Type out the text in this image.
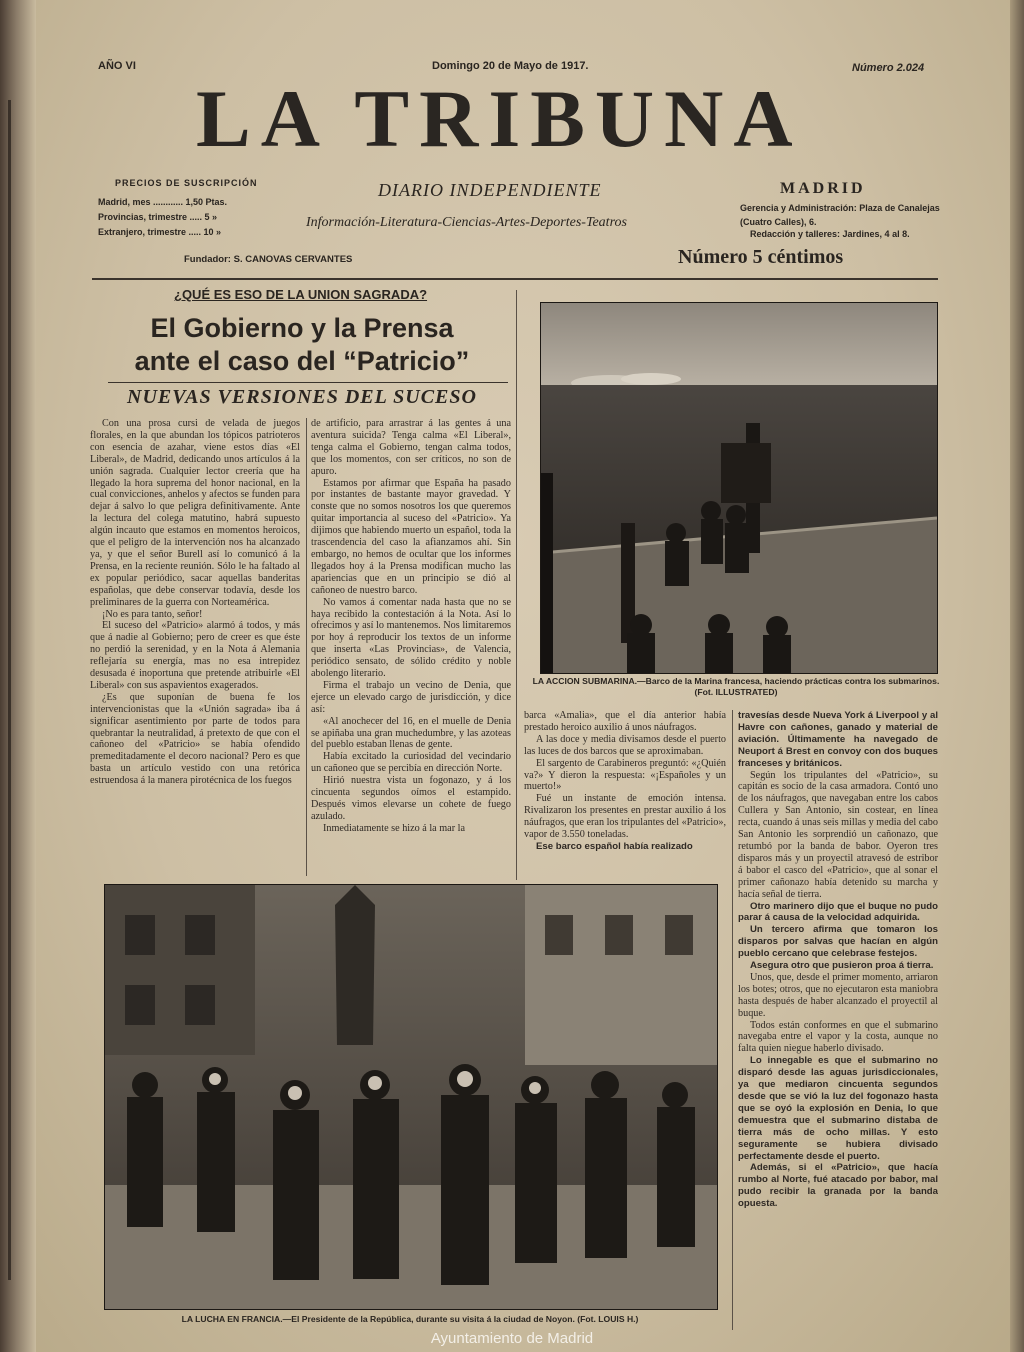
AÑO VI	Domingo 20 de Mayo de 1917.	Número 2.024
LA TRIBUNA
PRECIOS DE SUSCRIPCIÓN
Madrid, mes ............ 1,50 Ptas.
Provincias, trimestre ..... 5 »
Extranjero, trimestre ..... 10 »
DIARIO INDEPENDIENTE
Información-Literatura-Ciencias-Artes-Deportes-Teatros
MADRID
Gerencia y Administración: Plaza de Canalejas (Cuatro Calles), 6.
Redacción y talleres: Jardines, 4 al 8.
Fundador: S. CANOVAS CERVANTES	Número 5 céntimos
¿QUÉ ES ESO DE LA UNION SAGRADA?
El Gobierno y la Prensa
ante el caso del “Patricio”
NUEVAS VERSIONES DEL SUCESO

Con una prosa cursi de velada de juegos florales, en la que abundan los tópicos patrioteros con esencia de azahar, viene estos días «El Liberal», de Madrid, dedicando unos artículos á la unión sagrada. Cualquier lector creería que ha llegado la hora suprema del honor nacional, en la cual convicciones, anhelos y afectos se funden para dejar á salvo lo que peligra definitivamente. Ante la lectura del colega matutino, habrá supuesto algún incauto que estamos en momentos heroicos, que el peligro de la intervención nos ha alcanzado ya, y que el señor Burell así lo comunicó á la Prensa, en la reciente reunión. Sólo le ha faltado al ex popular periódico, sacar aquellas banderitas españolas, que debe conservar todavía, desde los preliminares de la guerra con Norteamérica.

¡No es para tanto, señor!

El suceso del «Patricio» alarmó á todos, y más que á nadie al Gobierno; pero de creer es que éste no perdió la serenidad, y en la Nota á Alemania reflejaría su energía, mas no esa intrepidez desusada é inoportuna que pretende atribuirle «El Liberal» con sus aspavientos exagerados.

¿Es que suponían de buena fe los intervencionistas que la «Unión sagrada» iba á significar asentimiento por parte de todos para quebrantar la neutralidad, á pretexto de que con el cañoneo del «Patricio» se había ofendido premeditadamente el decoro nacional? Pero es que basta un artículo vestido con una retórica estruendosa á la manera pirotécnica de los fuegos

de artificio, para arrastrar á las gentes á una aventura suicida? Tenga calma «El Liberal», tenga calma el Gobierno, tengan calma todos, que los momentos, con ser críticos, no son de apuro.

Estamos por afirmar que España ha pasado por instantes de bastante mayor gravedad. Y conste que no somos nosotros los que queremos quitar importancia al suceso del «Patricio». Ya dijimos que habiendo muerto un español, toda la trascendencia del caso la afianzamos ahí. Sin embargo, no hemos de ocultar que los informes llegados hoy á la Prensa modifican mucho las apariencias que en un principio se dió al cañoneo de nuestro barco.

No vamos á comentar nada hasta que no se haya recibido la contestación á la Nota. Así lo ofrecimos y así lo mantenemos. Nos limitaremos por hoy á reproducir los textos de un informe que inserta «Las Provincias», de Valencia, periódico sensato, de sólido crédito y noble abolengo literario.

Firma el trabajo un vecino de Denia, que ejerce un elevado cargo de jurisdicción, y dice así:

«Al anochecer del 16, en el muelle de Denia se apiñaba una gran muchedumbre, y las azoteas del pueblo estaban llenas de gente.

Había excitado la curiosidad del vecindario un cañoneo que se percibía en dirección Norte.

Hirió nuestra vista un fogonazo, y á los cincuenta segundos oímos el estampido. Después vimos elevarse un cohete de fuego azulado.

Inmediatamente se hizo á la mar la

LA ACCION SUBMARINA.—Barco de la Marina francesa, haciendo prácticas contra los submarinos. (Fot. ILLUSTRATED)

barca «Amalia», que el día anterior había prestado heroico auxilio á unos náufragos.

A las doce y media divisamos desde el puerto las luces de dos barcos que se aproximaban.

El sargento de Carabineros preguntó: «¿Quién va?» Y dieron la respuesta: «¡Españoles y un muerto!»

Fué un instante de emoción intensa. Rivalizaron los presentes en prestar auxilio á los náufragos, que eran los tripulantes del «Patricio», vapor de 3.550 toneladas.

Ese barco español había realizado

travesías desde Nueva York á Liverpool y al Havre con cañones, ganado y material de aviación. Últimamente ha navegado de Neuport á Brest en convoy con dos buques franceses y británicos.

Según los tripulantes del «Patricio», su capitán es socio de la casa armadora. Contó uno de los náufragos, que navegaban entre los cabos Cullera y San Antonio, sin costear, en línea recta, cuando á unas seis millas y media del cabo San Antonio les sorprendió un cañonazo, que retumbó por la banda de babor. Oyeron tres disparos más y un proyectil atravesó de estribor á babor el casco del «Patricio», que al sonar el primer cañonazo había detenido su marcha y hacía señal de tierra.

Otro marinero dijo que el buque no pudo parar á causa de la velocidad adquirida.

Un tercero afirma que tomaron los disparos por salvas que hacían en algún pueblo cercano que celebrase festejos.

Asegura otro que pusieron proa á tierra.

Unos, que, desde el primer momento, arriaron los botes; otros, que no ejecutaron esta maniobra hasta después de haber alcanzado el proyectil al buque.

Todos están conformes en que el submarino navegaba entre el vapor y la costa, aunque no falta quien niegue haberlo divisado.

Lo innegable es que el submarino no disparó desde las aguas jurisdiccionales, ya que mediaron cincuenta segundos desde que se vió la luz del fogonazo hasta que se oyó la explosión en Denia, lo que demuestra que el submarino distaba de tierra más de ocho millas. Y esto seguramente se hubiera divisado perfectamente desde el puerto.

Además, si el «Patricio», que hacía rumbo al Norte, fué atacado por babor, mal pudo recibir la granada por la banda opuesta.

LA LUCHA EN FRANCIA.—El Presidente de la República, durante su visita á la ciudad de Noyon. (Fot. LOUIS H.)
Ayuntamiento de Madrid
